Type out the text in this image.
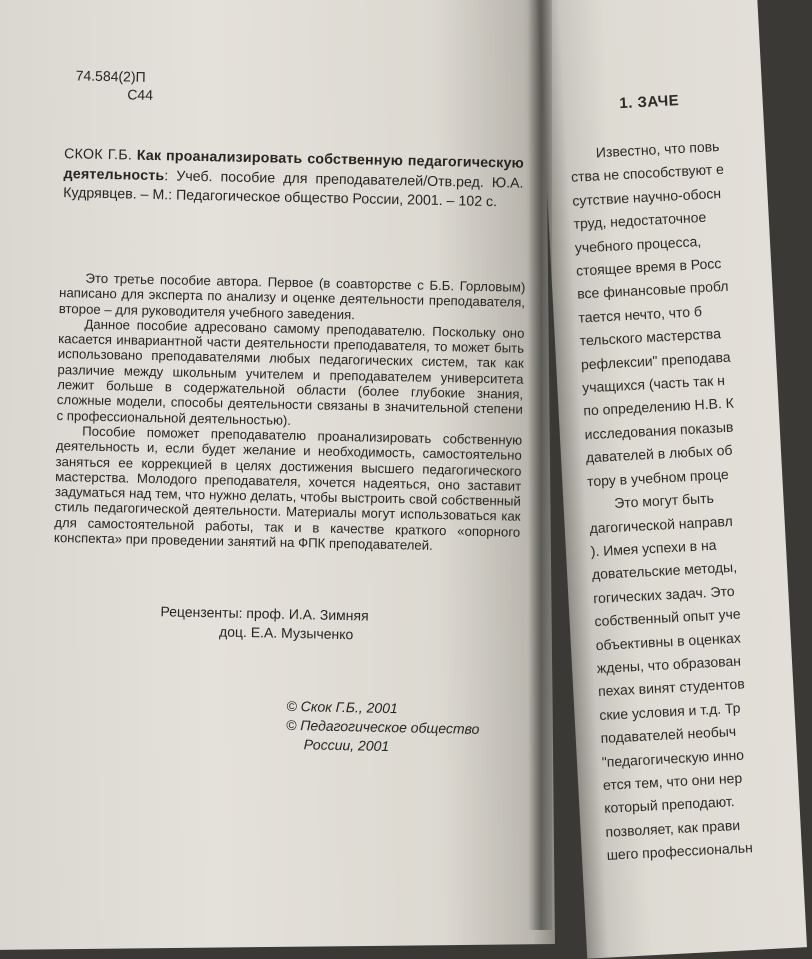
74.584(2)П
С44
СКОК Г.Б. Как проанализировать собственную педагогическую деятельность: Учеб. пособие для преподавателей/Отв.ред. Ю.А. Кудрявцев. – М.: Педагогическое общество России, 2001. – 102 с.

Это третье пособие автора. Первое (в соавторстве с Б.Б. Горловым) написано для эксперта по анализу и оценке деятельности преподавателя, второе – для руководителя учебного заведения.

Данное пособие адресовано самому преподавателю. Поскольку оно касается инвариантной части деятельности преподавателя, то может быть использовано преподавателями любых педагогических систем, так как различие между школьным учителем и преподавателем университета лежит больше в содержательной области (более глубокие знания, сложные модели, способы деятельности связаны в значительной степени с профессиональной деятельностью).

Пособие поможет преподавателю проанализировать собственную деятельность и, если будет желание и необходимость, самостоятельно заняться ее коррекцией в целях достижения высшего педагогического мастерства. Молодого преподавателя, хочется надеяться, оно заставит задуматься над тем, что нужно делать, чтобы выстроить свой собственный стиль педагогической деятельности. Материалы могут использоваться как для самостоятельной работы, так и в качестве краткого «опорного конспекта» при проведении занятий на ФПК преподавателей.

Рецензенты: проф. И.А. Зимняя
доц. Е.А. Музыченко
© Скок Г.Б., 2001
© Педагогическое общество
России, 2001
1. ЗАЧЕ
Известно, что повь
ства не способствуют е
сутствие научно-обосн
труд, недостаточное
учебного процесса,
стоящее время в Росс
все финансовые пробл
тается нечто, что б
тельского мастерства
рефлексии" преподава
учащихся (часть так н
по определению Н.В. К
исследования показыв
давателей в любых об
тору в учебном проце
Это могут быть
дагогической направл
). Имея успехи в на
довательские методы,
гогических задач. Это
собственный опыт уче
объективны в оценках
ждены, что образован
пехах винят студентов
ские условия и т.д. Тр
подавателей необыч
"педагогическую инно
ется тем, что они нер
который преподают.
позволяет, как прави
шего профессиональн
